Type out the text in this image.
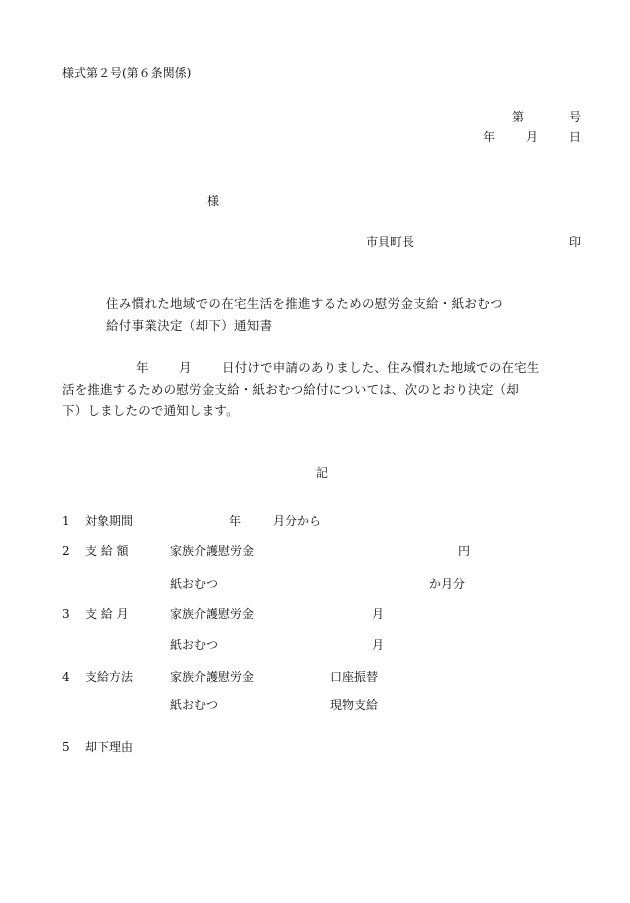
様式第２号(第６条関係)
第	号
年	月	日
様
市貝町長	印
住み慣れた地域での在宅生活を推進するための慰労金支給・紙おむつ
給付事業決定（却下）通知書
年 月 日付けで申請のありました、住み慣れた地域での在宅生
活を推進するための慰労金支給・紙おむつ給付については、次のとおり決定（却
下）しましたので通知します。
記
1 対象期間	年	月分から
2 支 給 額	家族介護慰労金	円
紙おむつ	か月分
3 支 給 月	家族介護慰労金	月
紙おむつ	月
4 支給方法	家族介護慰労金	口座振替
紙おむつ	現物支給
5 却下理由
